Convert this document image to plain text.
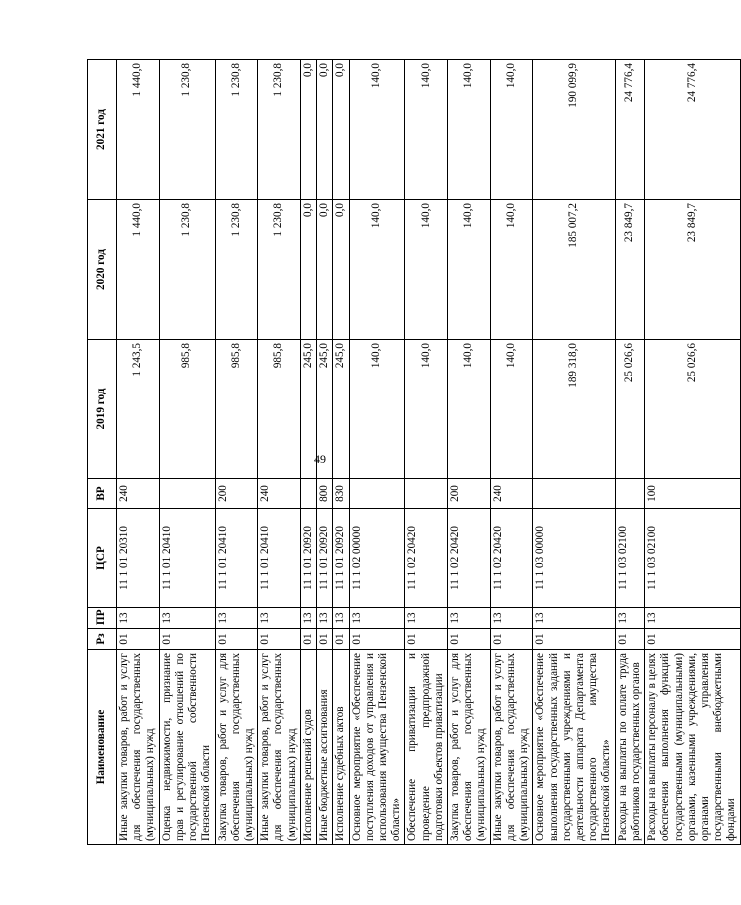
49
Наименование	Рз	ПР	ЦСР	ВР	2019 год	2020 год	2021 год
Иные закупки товаров, работ и услуг для обеспечения государственных (муниципальных) нужд	01	13	11 1 01 20310	240	1 243,5	1 440,0	1 440,0
Оценка недвижимости, признание прав и регулирование отношений по государственной собственности Пензенской области	01	13	11 1 01 20410		985,8	1 230,8	1 230,8
Закупка товаров, работ и услуг для обеспечения государственных (муниципальных) нужд	01	13	11 1 01 20410	200	985,8	1 230,8	1 230,8
Иные закупки товаров, работ и услуг для обеспечения государственных (муниципальных) нужд	01	13	11 1 01 20410	240	985,8	1 230,8	1 230,8
Исполнение решений судов	01	13	11 1 01 20920		245,0	0,0	0,0
Иные бюджетные ассигнования	01	13	11 1 01 20920	800	245,0	0,0	0,0
Исполнение судебных актов	01	13	11 1 01 20920	830	245,0	0,0	0,0
Основное мероприятие «Обеспечение поступления доходов от управления и использования имущества Пензенской области»	01	13	11 1 02 00000		140,0	140,0	140,0
Обеспечение приватизации и проведение предпродажной подготовки объектов приватизации	01	13	11 1 02 20420		140,0	140,0	140,0
Закупка товаров, работ и услуг для обеспечения государственных (муниципальных) нужд	01	13	11 1 02 20420	200	140,0	140,0	140,0
Иные закупки товаров, работ и услуг для обеспечения государственных (муниципальных) нужд	01	13	11 1 02 20420	240	140,0	140,0	140,0
Основное мероприятие «Обеспечение выполнения государственных заданий государственными учреждениями и деятельности аппарата Департамента государственного имущества Пензенской области»	01	13	11 1 03 00000		189 318,0	185 007,2	190 099,9
Расходы на выплаты по оплате труда работников государственных органов	01	13	11 1 03 02100		25 026,6	23 849,7	24 776,4
Расходы на выплаты персоналу в целях обеспечения выполнения функций государственными (муниципальными) органами, казенными учреждениями, органами управления государственными внебюджетными фондами	01	13	11 1 03 02100	100	25 026,6	23 849,7	24 776,4
